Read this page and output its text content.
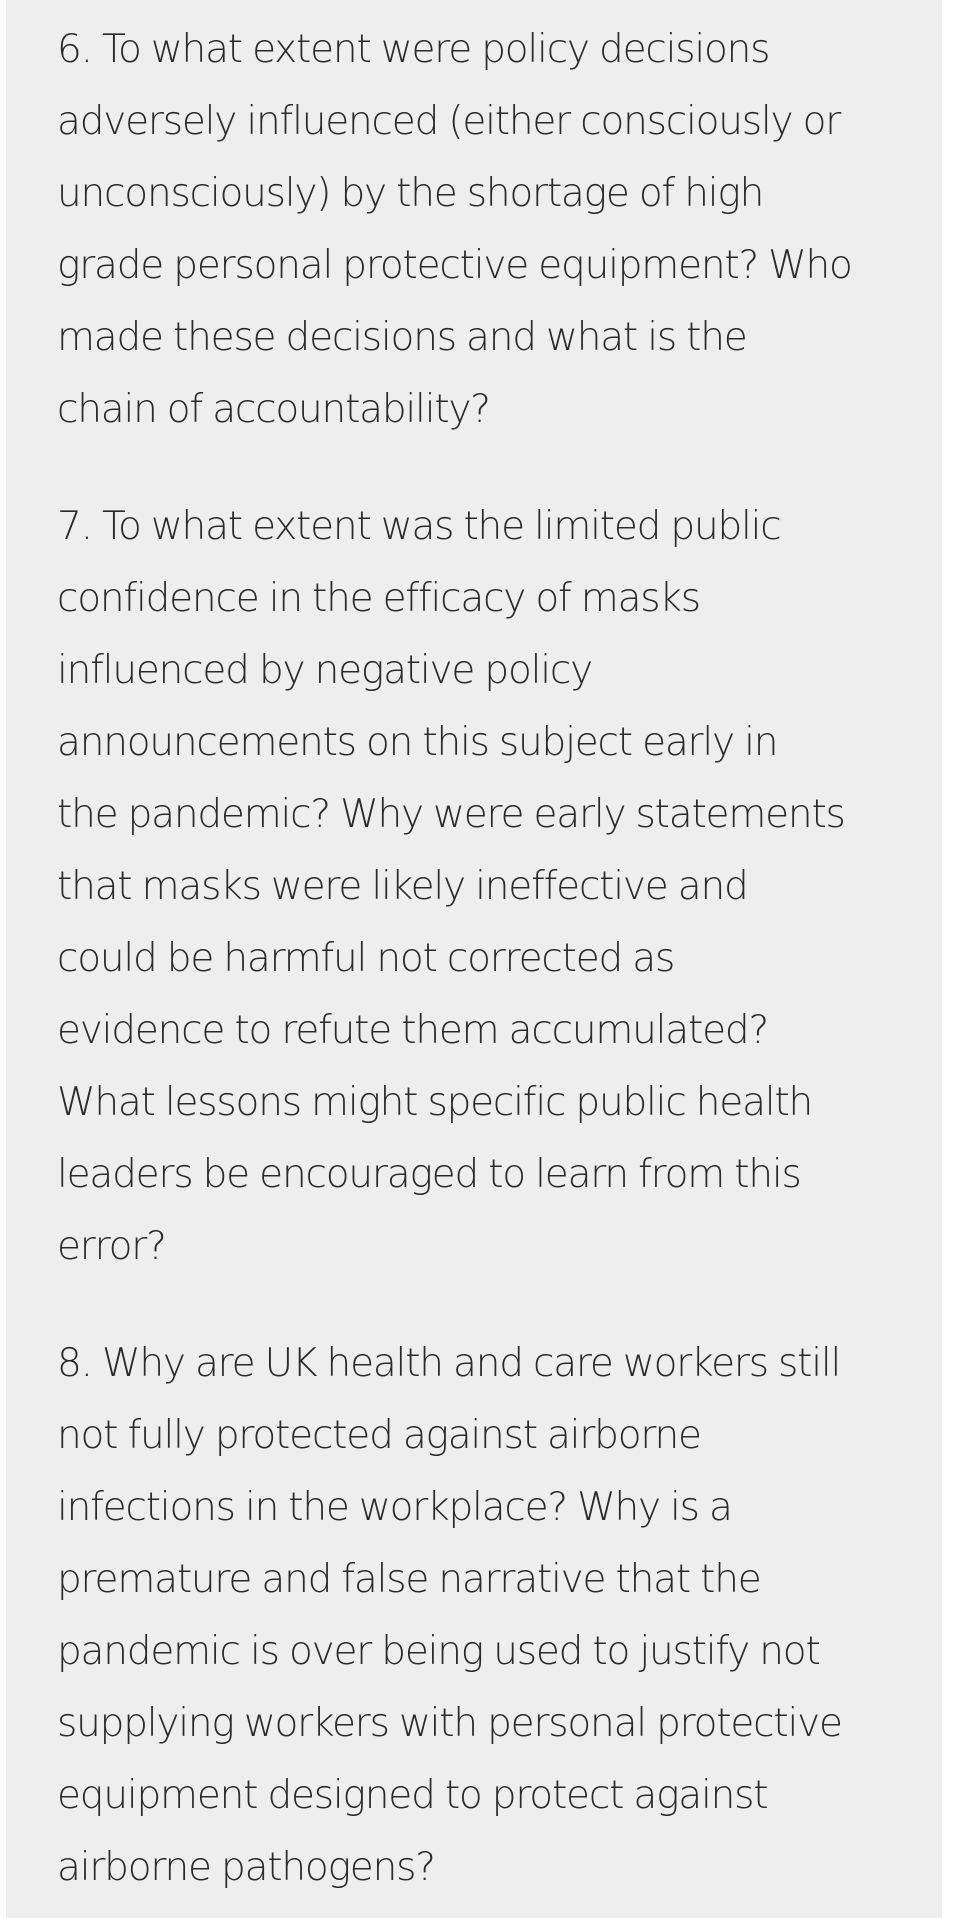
6. To what extent were policy decisions
adversely influenced (either consciously or
unconsciously) by the shortage of high
grade personal protective equipment? Who
made these decisions and what is the
chain of accountability?

7. To what extent was the limited public
confidence in the efficacy of masks
influenced by negative policy
announcements on this subject early in
the pandemic? Why were early statements
that masks were likely ineffective and
could be harmful not corrected as
evidence to refute them accumulated?
What lessons might specific public health
leaders be encouraged to learn from this
error?

8. Why are UK health and care workers still
not fully protected against airborne
infections in the workplace? Why is a
premature and false narrative that the
pandemic is over being used to justify not
supplying workers with personal protective
equipment designed to protect against
airborne pathogens?
